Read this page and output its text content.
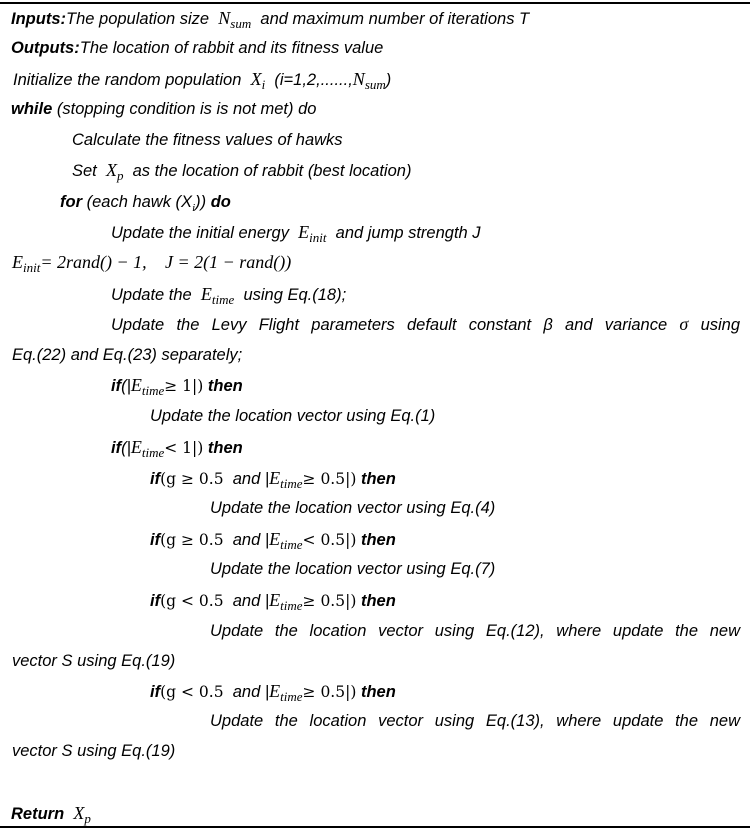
Inputs:The population size $N_{sum}$ and maximum number of iterations T
Outputs:The location of rabbit and its fitness value
Initialize the random population $X_i$ $(i=1,2,......,N_{sum})$
while (stopping condition is is not met) do
Calculate the fitness values of hawks
Set $X_p$ as the location of rabbit (best location)
for (each hawk $(X_i)$) do
Update the initial energy $E_{init}$ and jump strength J
$E_{init}=$ 2rand() − 1, J = 2(1 − rand())
Update the $E_{time}$ using Eq.(18);
Update the Levy Flight parameters default constant β and variance σ using
Eq.(22) and Eq.(23) separately;
$if(|E_{time}\ge 1|)$ then
Update the location vector using Eq.(1)
$if(|E_{time}< 1|)$ then
if(g ≥ 0.5 and $|E_{time}\ge 0.5|$) then
Update the location vector using Eq.(4)
if(g ≥ 0.5 and $|E_{time}< 0.5|$) then
Update the location vector using Eq.(7)
if(g < 0.5 and $|E_{time}\ge 0.5|$) then
Update the location vector using Eq.(12), where update the new
vector S using Eq.(19)
if(g < 0.5 and $|E_{time}\ge 0.5|$) then
Update the location vector using Eq.(13), where update the new
vector S using Eq.(19)
Return $X_p$
